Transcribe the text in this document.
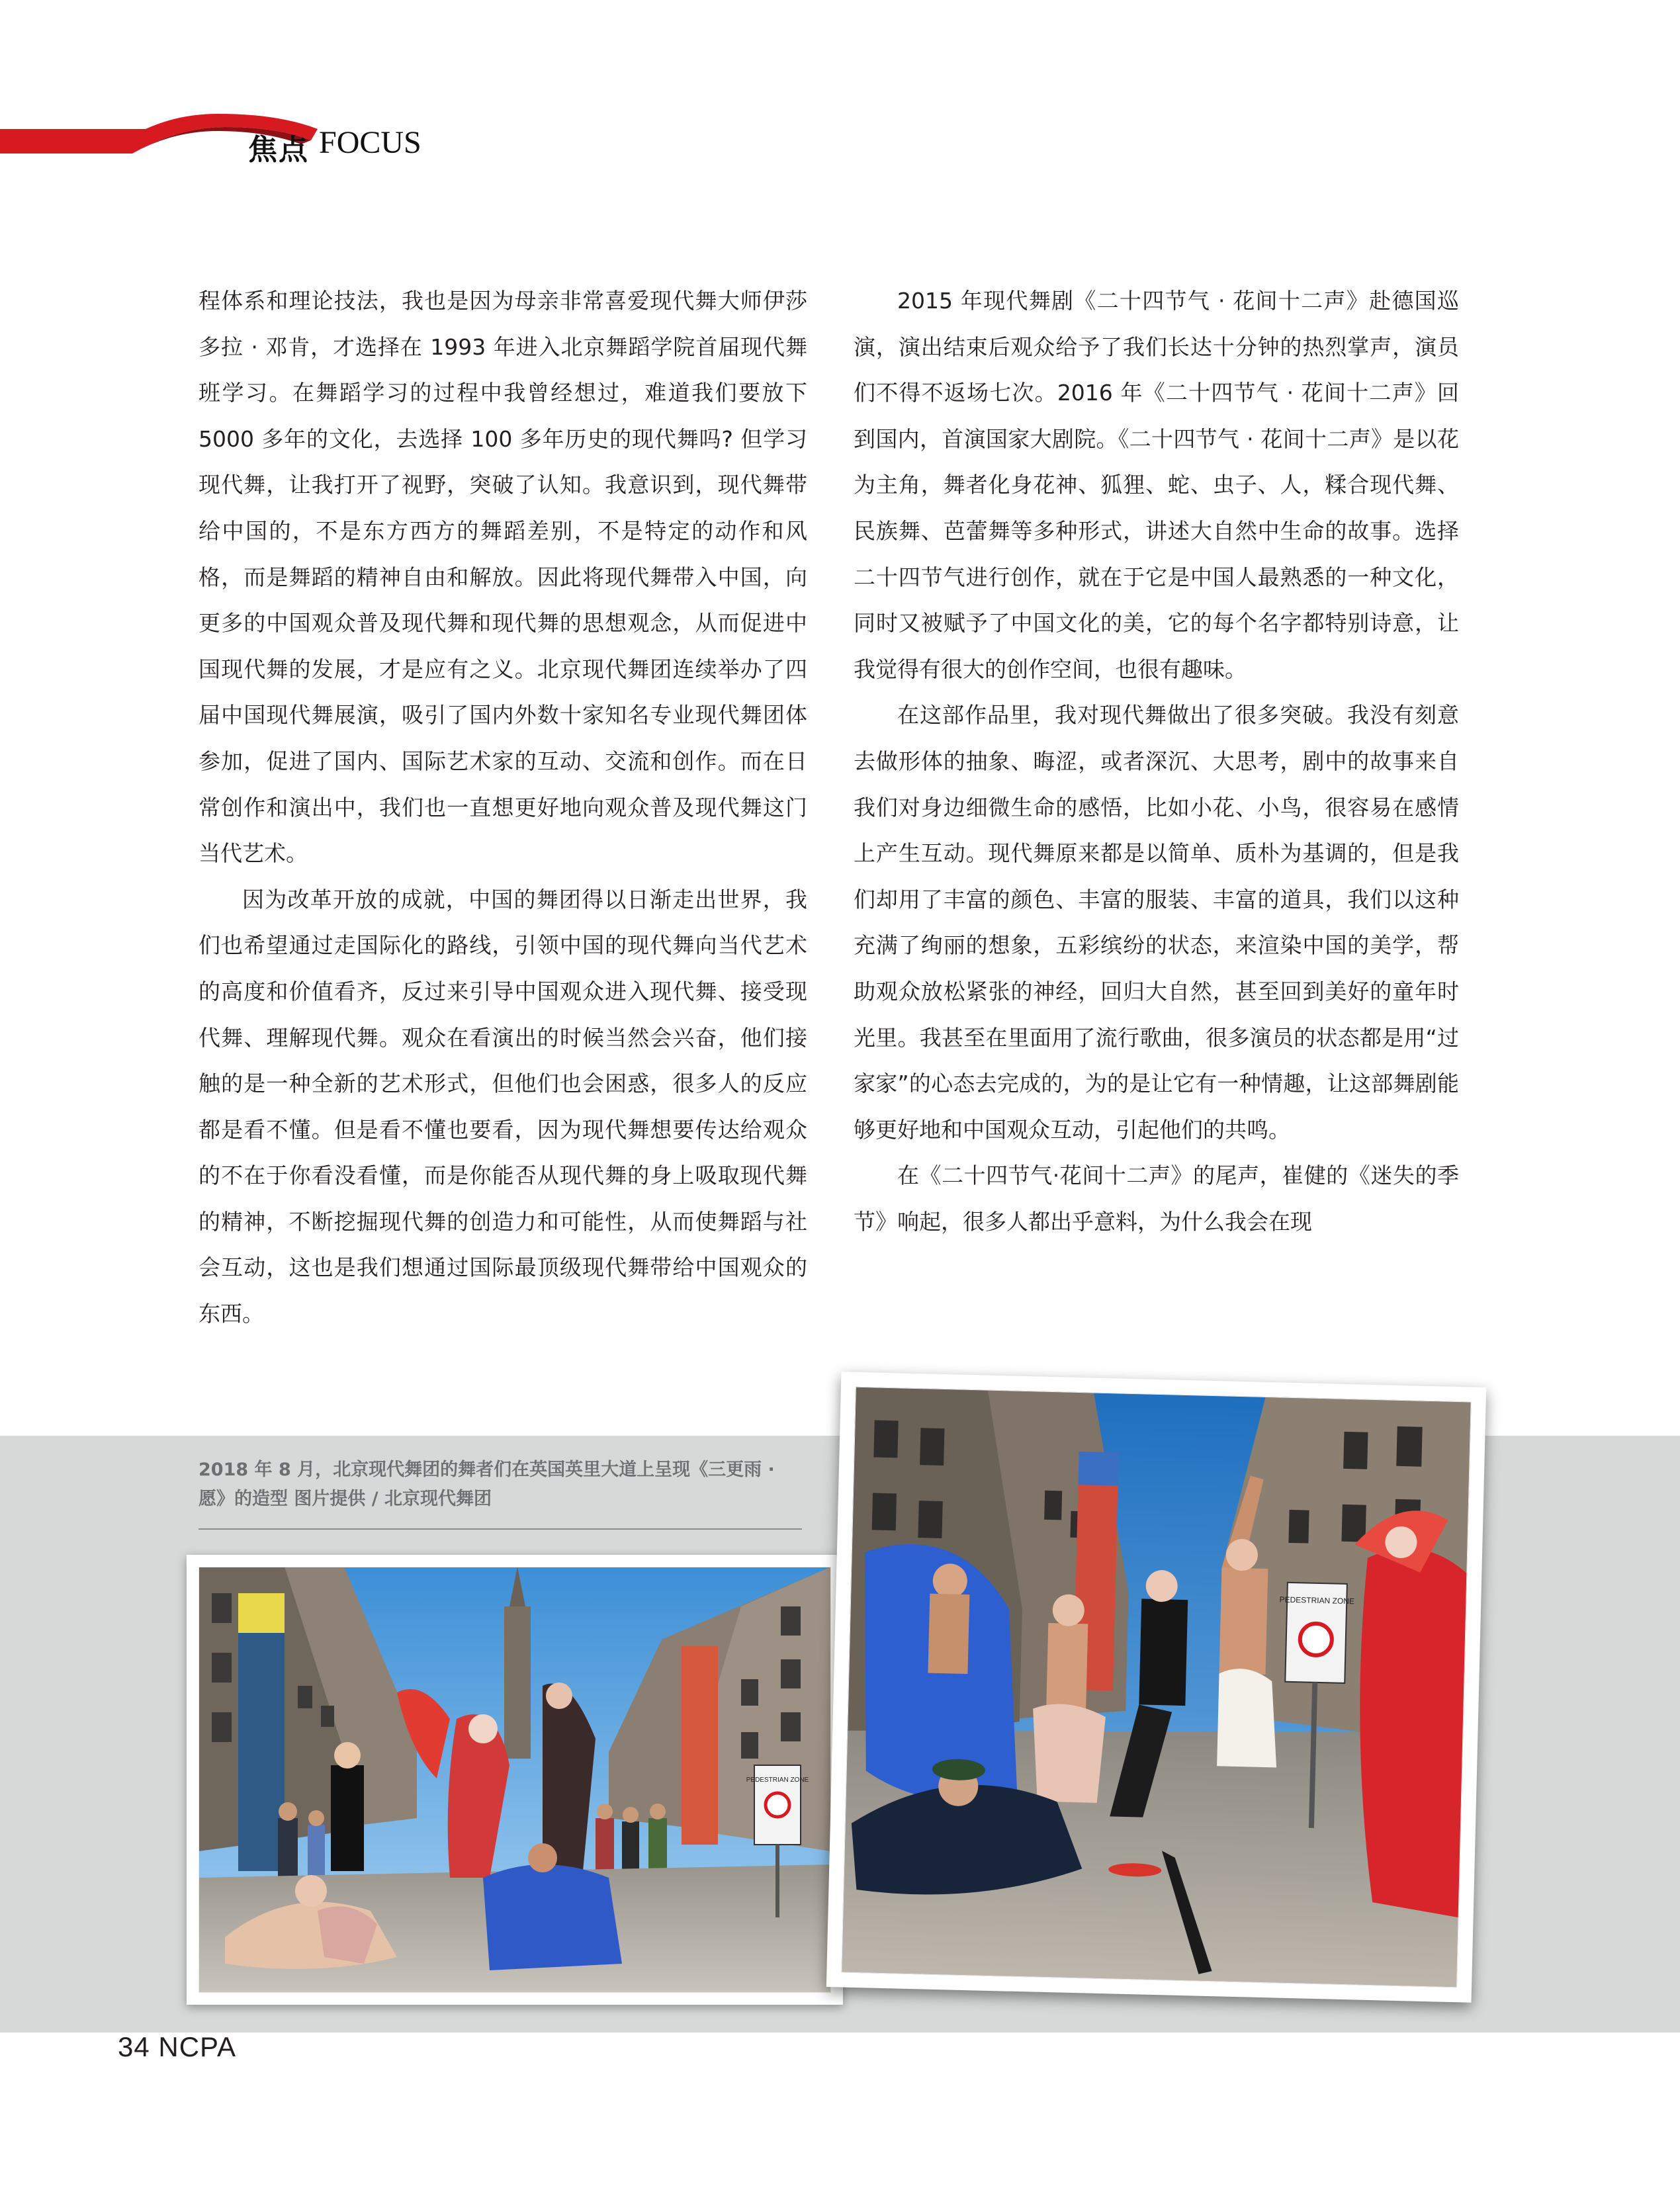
焦点 FOCUS

程体系和理论技法，我也是因为母亲非常喜爱现代舞大师伊莎多拉 · 邓肯，才选择在 1993 年进入北京舞蹈学院首届现代舞班学习。在舞蹈学习的过程中我曾经想过，难道我们要放下 5000 多年的文化，去选择 100 多年历史的现代舞吗? 但学习现代舞，让我打开了视野，突破了认知。我意识到，现代舞带给中国的，不是东方西方的舞蹈差别，不是特定的动作和风格，而是舞蹈的精神自由和解放。因此将现代舞带入中国，向更多的中国观众普及现代舞和现代舞的思想观念，从而促进中国现代舞的发展，才是应有之义。北京现代舞团连续举办了四届中国现代舞展演，吸引了国内外数十家知名专业现代舞团体参加，促进了国内、国际艺术家的互动、交流和创作。而在日常创作和演出中，我们也一直想更好地向观众普及现代舞这门当代艺术。

因为改革开放的成就，中国的舞团得以日渐走出世界，我们也希望通过走国际化的路线，引领中国的现代舞向当代艺术的高度和价值看齐，反过来引导中国观众进入现代舞、接受现代舞、理解现代舞。观众在看演出的时候当然会兴奋，他们接触的是一种全新的艺术形式，但他们也会困惑，很多人的反应都是看不懂。但是看不懂也要看，因为现代舞想要传达给观众的不在于你看没看懂，而是你能否从现代舞的身上吸取现代舞的精神，不断挖掘现代舞的创造力和可能性，从而使舞蹈与社会互动，这也是我们想通过国际最顶级现代舞带给中国观众的东西。

2015 年现代舞剧《二十四节气 · 花间十二声》赴德国巡演，演出结束后观众给予了我们长达十分钟的热烈掌声，演员们不得不返场七次。2016 年《二十四节气 · 花间十二声》回到国内，首演国家大剧院。《二十四节气 · 花间十二声》是以花为主角，舞者化身花神、狐狸、蛇、虫子、人，糅合现代舞、民族舞、芭蕾舞等多种形式，讲述大自然中生命的故事。选择二十四节气进行创作，就在于它是中国人最熟悉的一种文化，同时又被赋予了中国文化的美，它的每个名字都特别诗意，让我觉得有很大的创作空间，也很有趣味。

在这部作品里，我对现代舞做出了很多突破。我没有刻意去做形体的抽象、晦涩，或者深沉、大思考，剧中的故事来自我们对身边细微生命的感悟，比如小花、小鸟，很容易在感情上产生互动。现代舞原来都是以简单、质朴为基调的，但是我们却用了丰富的颜色、丰富的服装、丰富的道具，我们以这种充满了绚丽的想象，五彩缤纷的状态，来渲染中国的美学，帮助观众放松紧张的神经，回归大自然，甚至回到美好的童年时光里。我甚至在里面用了流行歌曲，很多演员的状态都是用“过家家”的心态去完成的，为的是让它有一种情趣，让这部舞剧能够更好地和中国观众互动，引起他们的共鸣。

在《二十四节气·花间十二声》的尾声，崔健的《迷失的季节》响起，很多人都出乎意料，为什么我会在现

2018 年 8 月，北京现代舞团的舞者们在英国英里大道上呈现《三更雨 · 愿》的造型 图片提供 / 北京现代舞团
PEDESTRIAN ZONE
PEDESTRIAN ZONE
34 NCPA
